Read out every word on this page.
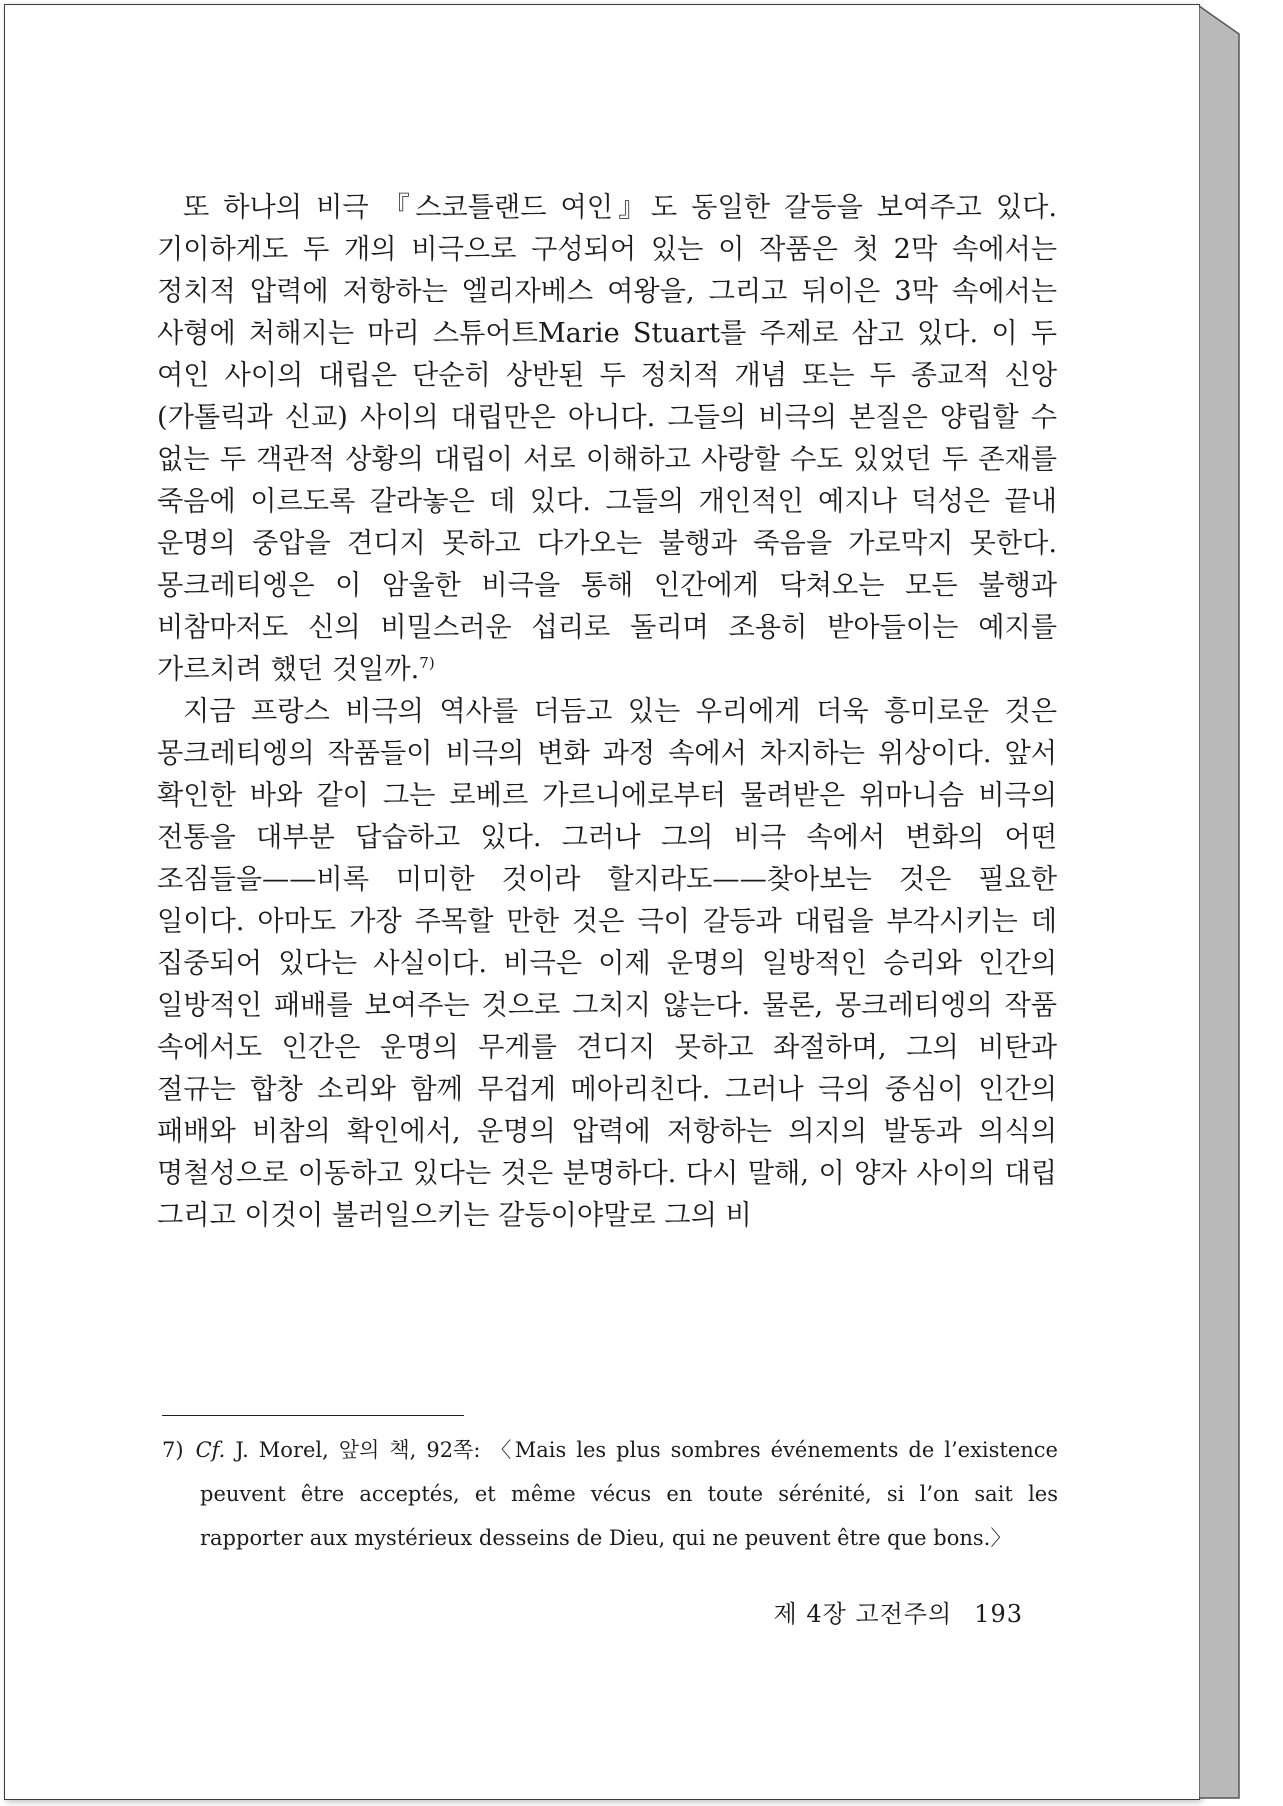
또 하나의 비극 『스코틀랜드 여인』도 동일한 갈등을 보여주고 있다. 기이하게도 두 개의 비극으로 구성되어 있는 이 작품은 첫 2막 속에서는 정치적 압력에 저항하는 엘리자베스 여왕을, 그리고 뒤이은 3막 속에서는 사형에 처해지는 마리 스튜어트Marie Stuart를 주제로 삼고 있다. 이 두 여인 사이의 대립은 단순히 상반된 두 정치적 개념 또는 두 종교적 신앙(가톨릭과 신교) 사이의 대립만은 아니다. 그들의 비극의 본질은 양립할 수 없는 두 객관적 상황의 대립이 서로 이해하고 사랑할 수도 있었던 두 존재를 죽음에 이르도록 갈라놓은 데 있다. 그들의 개인적인 예지나 덕성은 끝내 운명의 중압을 견디지 못하고 다가오는 불행과 죽음을 가로막지 못한다. 몽크레티엥은 이 암울한 비극을 통해 인간에게 닥쳐오는 모든 불행과 비참마저도 신의 비밀스러운 섭리로 돌리며 조용히 받아들이는 예지를 가르치려 했던 것일까.$^{7)}$

지금 프랑스 비극의 역사를 더듬고 있는 우리에게 더욱 흥미로운 것은 몽크레티엥의 작품들이 비극의 변화 과정 속에서 차지하는 위상이다. 앞서 확인한 바와 같이 그는 로베르 가르니에로부터 물려받은 위마니슴 비극의 전통을 대부분 답습하고 있다. 그러나 그의 비극 속에서 변화의 어떤 조짐들을——비록 미미한 것이라 할지라도——찾아보는 것은 필요한 일이다. 아마도 가장 주목할 만한 것은 극이 갈등과 대립을 부각시키는 데 집중되어 있다는 사실이다. 비극은 이제 운명의 일방적인 승리와 인간의 일방적인 패배를 보여주는 것으로 그치지 않는다. 물론, 몽크레티엥의 작품 속에서도 인간은 운명의 무게를 견디지 못하고 좌절하며, 그의 비탄과 절규는 합창 소리와 함께 무겁게 메아리친다. 그러나 극의 중심이 인간의 패배와 비참의 확인에서, 운명의 압력에 저항하는 의지의 발동과 의식의 명철성으로 이동하고 있다는 것은 분명하다. 다시 말해, 이 양자 사이의 대립 그리고 이것이 불러일으키는 갈등이야말로 그의 비

7) Cf. J. Morel, 앞의 책, 92쪽: 〈Mais les plus sombres événements de l’existence peuvent être acceptés, et même vécus en toute sérénité, si l’on sait les rapporter aux mystérieux desseins de Dieu, qui ne peuvent être que bons.〉

제 4장 고전주의 193
